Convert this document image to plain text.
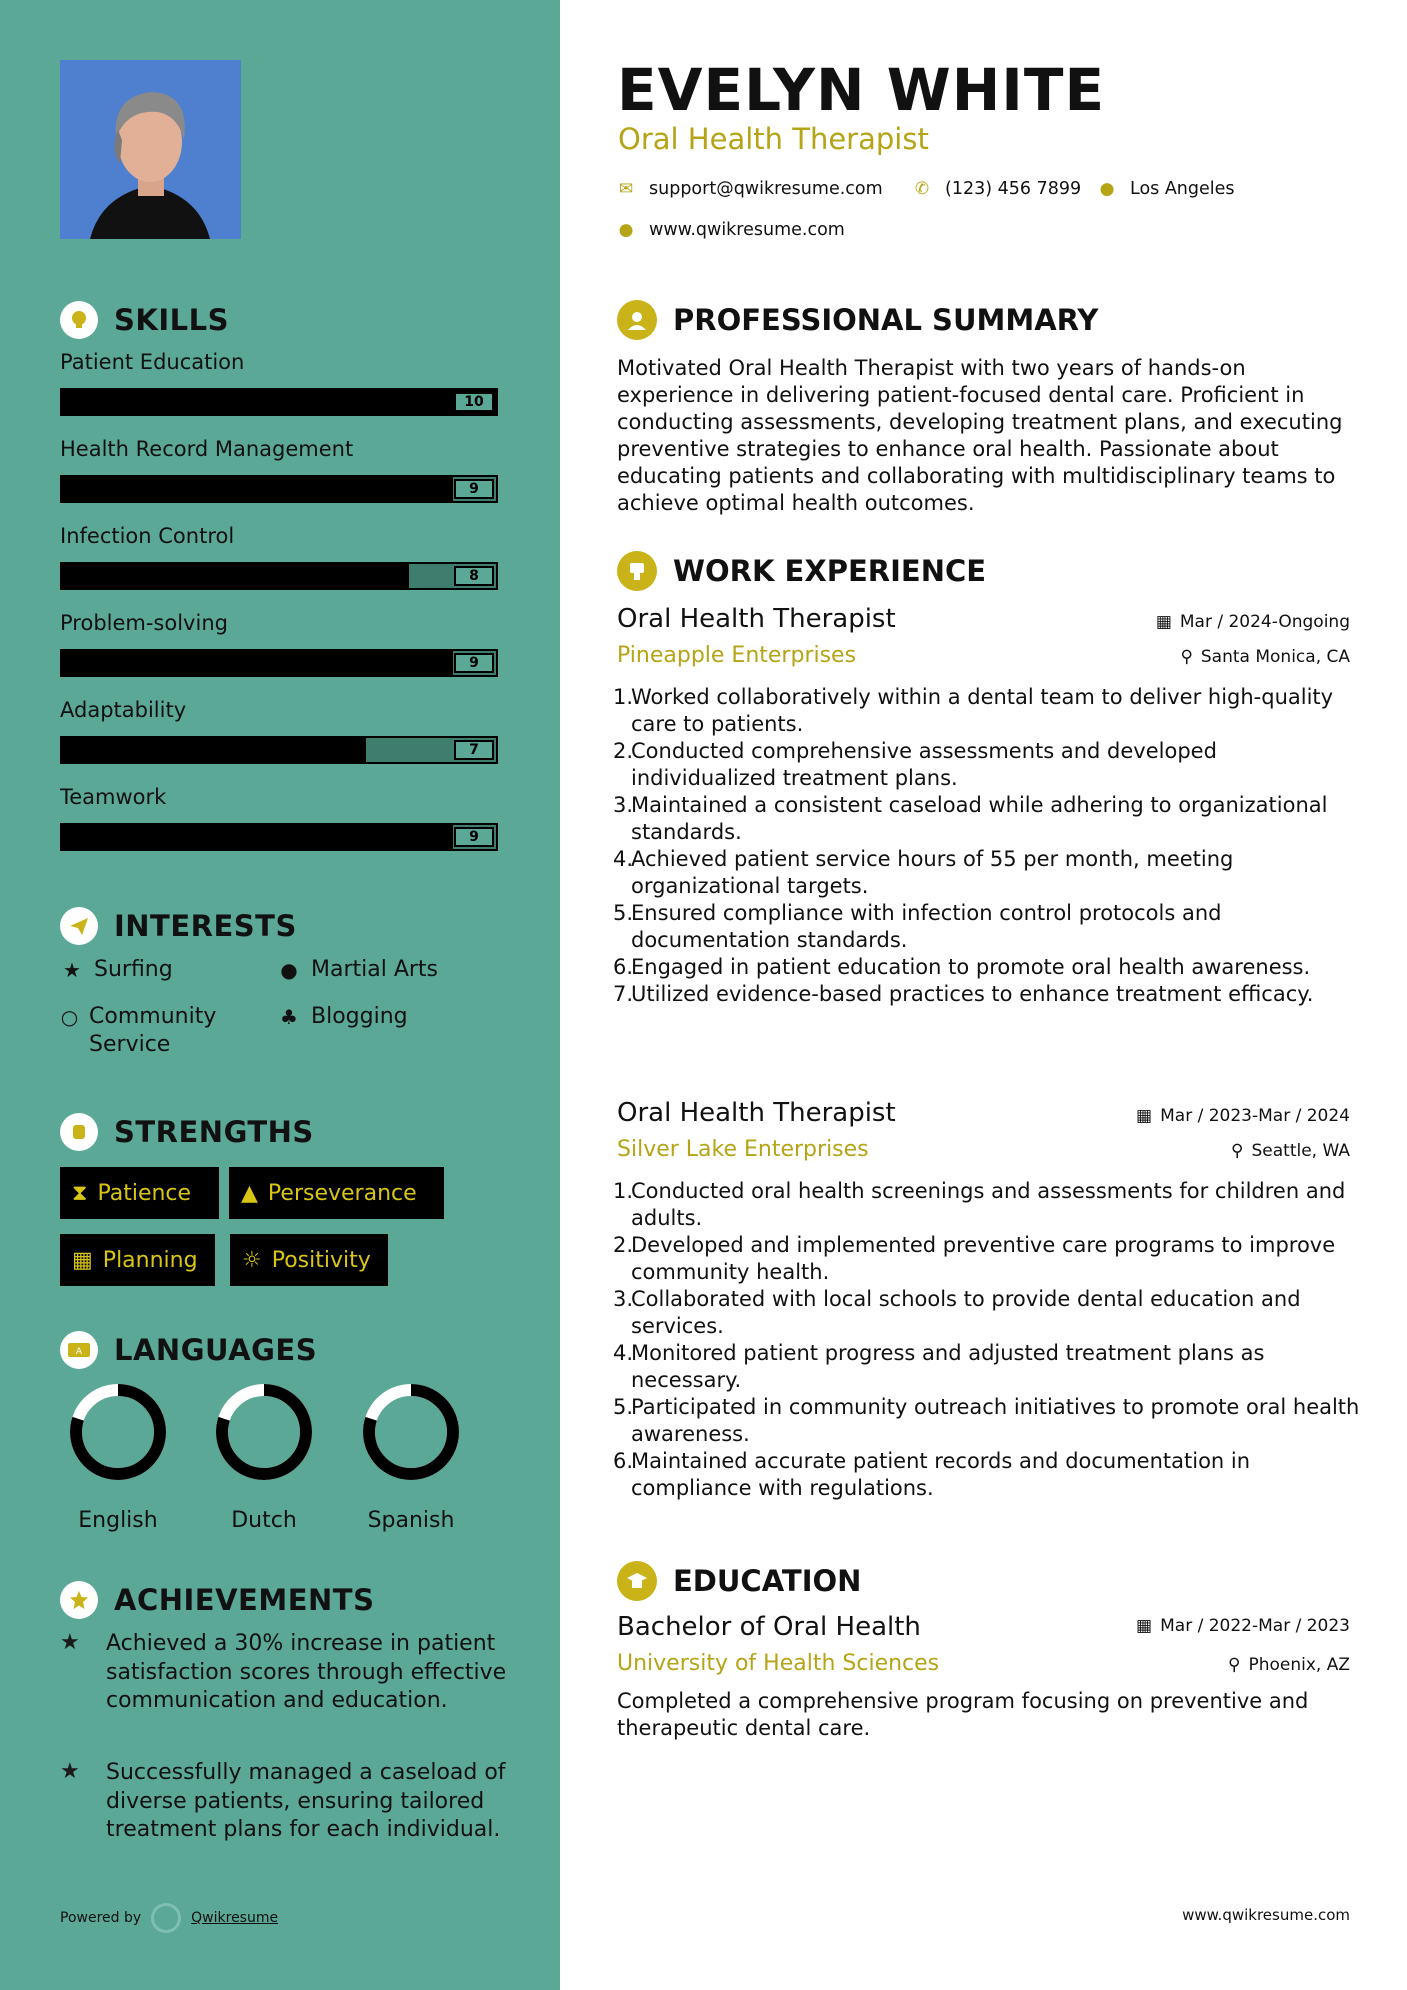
SKILLS
Patient Education
10
Health Record Management
9
Infection Control
8
Problem-solving
9
Adaptability
7
Teamwork
9
INTERESTS
★ Surfing	● Martial Arts
○ Community Service
♣ Blogging
STRENGTHS
⧗ Patience ▲ Perseverance
▦ Planning ☼ Positivity
A LANGUAGES
English	Dutch	Spanish
ACHIEVEMENTS
★	Achieved a 30% increase in patient satisfaction scores through effective communication and education.
★	Successfully managed a caseload of diverse patients, ensuring tailored treatment plans for each individual.
Powered by	Qwikresume
EVELYN WHITE
Oral Health Therapist
✉ support@qwikresume.com ✆ (123) 456 7899 ● Los Angeles
● www.qwikresume.com
PROFESSIONAL SUMMARY
Motivated Oral Health Therapist with two years of hands-on experience in delivering patient-focused dental care. Proficient in conducting assessments, developing treatment plans, and executing preventive strategies to enhance oral health. Passionate about educating patients and collaborating with multidisciplinary teams to achieve optimal health outcomes.
WORK EXPERIENCE
Oral Health Therapist	▦ Mar / 2024-Ongoing
Pineapple Enterprises	⚲ Santa Monica, CA
1.
Worked collaboratively within a dental team to deliver high-quality care to patients.
2.
Conducted comprehensive assessments and developed individualized treatment plans.
3.
Maintained a consistent caseload while adhering to organizational standards.
4.
Achieved patient service hours of 55 per month, meeting organizational targets.
5.
Ensured compliance with infection control protocols and documentation standards.
6.
Engaged in patient education to promote oral health awareness.
7.
Utilized evidence-based practices to enhance treatment efficacy.
Oral Health Therapist	▦ Mar / 2023-Mar / 2024
Silver Lake Enterprises	⚲ Seattle, WA
1.
Conducted oral health screenings and assessments for children and adults.
2.
Developed and implemented preventive care programs to improve community health.
3.
Collaborated with local schools to provide dental education and services.
4.
Monitored patient progress and adjusted treatment plans as necessary.
5.
Participated in community outreach initiatives to promote oral health awareness.
6.
Maintained accurate patient records and documentation in compliance with regulations.
EDUCATION
Bachelor of Oral Health	▦ Mar / 2022-Mar / 2023
University of Health Sciences	⚲ Phoenix, AZ
Completed a comprehensive program focusing on preventive and therapeutic dental care.
www.qwikresume.com
